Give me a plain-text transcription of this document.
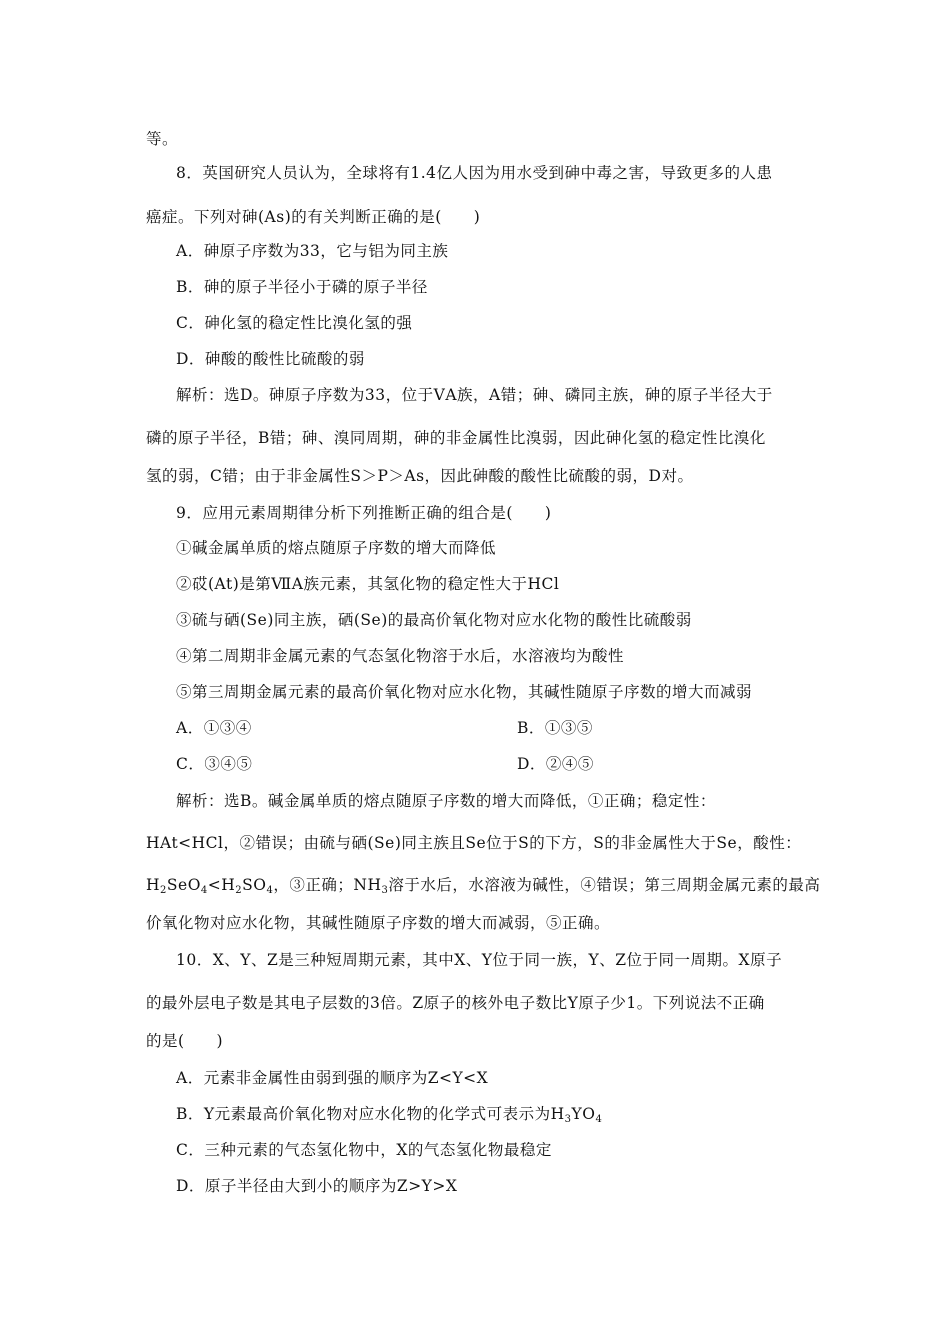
等。
8．英国研究人员认为，全球将有1.4亿人因为用水受到砷中毒之害，导致更多的人患
癌症。下列对砷(As)的有关判断正确的是(　　)
A．砷原子序数为33，它与铝为同主族
B．砷的原子半径小于磷的原子半径
C．砷化氢的稳定性比溴化氢的强
D．砷酸的酸性比硫酸的弱
解析：选D。砷原子序数为33，位于ⅤA族，A错；砷、磷同主族，砷的原子半径大于
磷的原子半径，B错；砷、溴同周期，砷的非金属性比溴弱，因此砷化氢的稳定性比溴化
氢的弱，C错；由于非金属性S＞P＞As，因此砷酸的酸性比硫酸的弱，D对。
9．应用元素周期律分析下列推断正确的组合是(　　)
①碱金属单质的熔点随原子序数的增大而降低
②砹(At)是第ⅦA族元素，其氢化物的稳定性大于HCl
③硫与硒(Se)同主族，硒(Se)的最高价氧化物对应水化物的酸性比硫酸弱
④第二周期非金属元素的气态氢化物溶于水后，水溶液均为酸性
⑤第三周期金属元素的最高价氧化物对应水化物，其碱性随原子序数的增大而减弱
A．①③④	B．①③⑤
C．③④⑤	D．②④⑤
解析：选B。碱金属单质的熔点随原子序数的增大而降低，①正确；稳定性：
HAt<HCl，②错误；由硫与硒(Se)同主族且Se位于S的下方，S的非金属性大于Se，酸性：
$H_2SeO_4<H_2SO_4$，③正确；$NH_3$溶于水后，水溶液为碱性，④错误；第三周期金属元素的最高
价氧化物对应水化物，其碱性随原子序数的增大而减弱，⑤正确。
10．X、Y、Z是三种短周期元素，其中X、Y位于同一族，Y、Z位于同一周期。X原子
的最外层电子数是其电子层数的3倍。Z原子的核外电子数比Y原子少1。下列说法不正确
的是(　　)
A．元素非金属性由弱到强的顺序为Z<Y<X
B．Y元素最高价氧化物对应水化物的化学式可表示为$H_3YO_4$
C．三种元素的气态氢化物中，X的气态氢化物最稳定
D．原子半径由大到小的顺序为Z>Y>X
